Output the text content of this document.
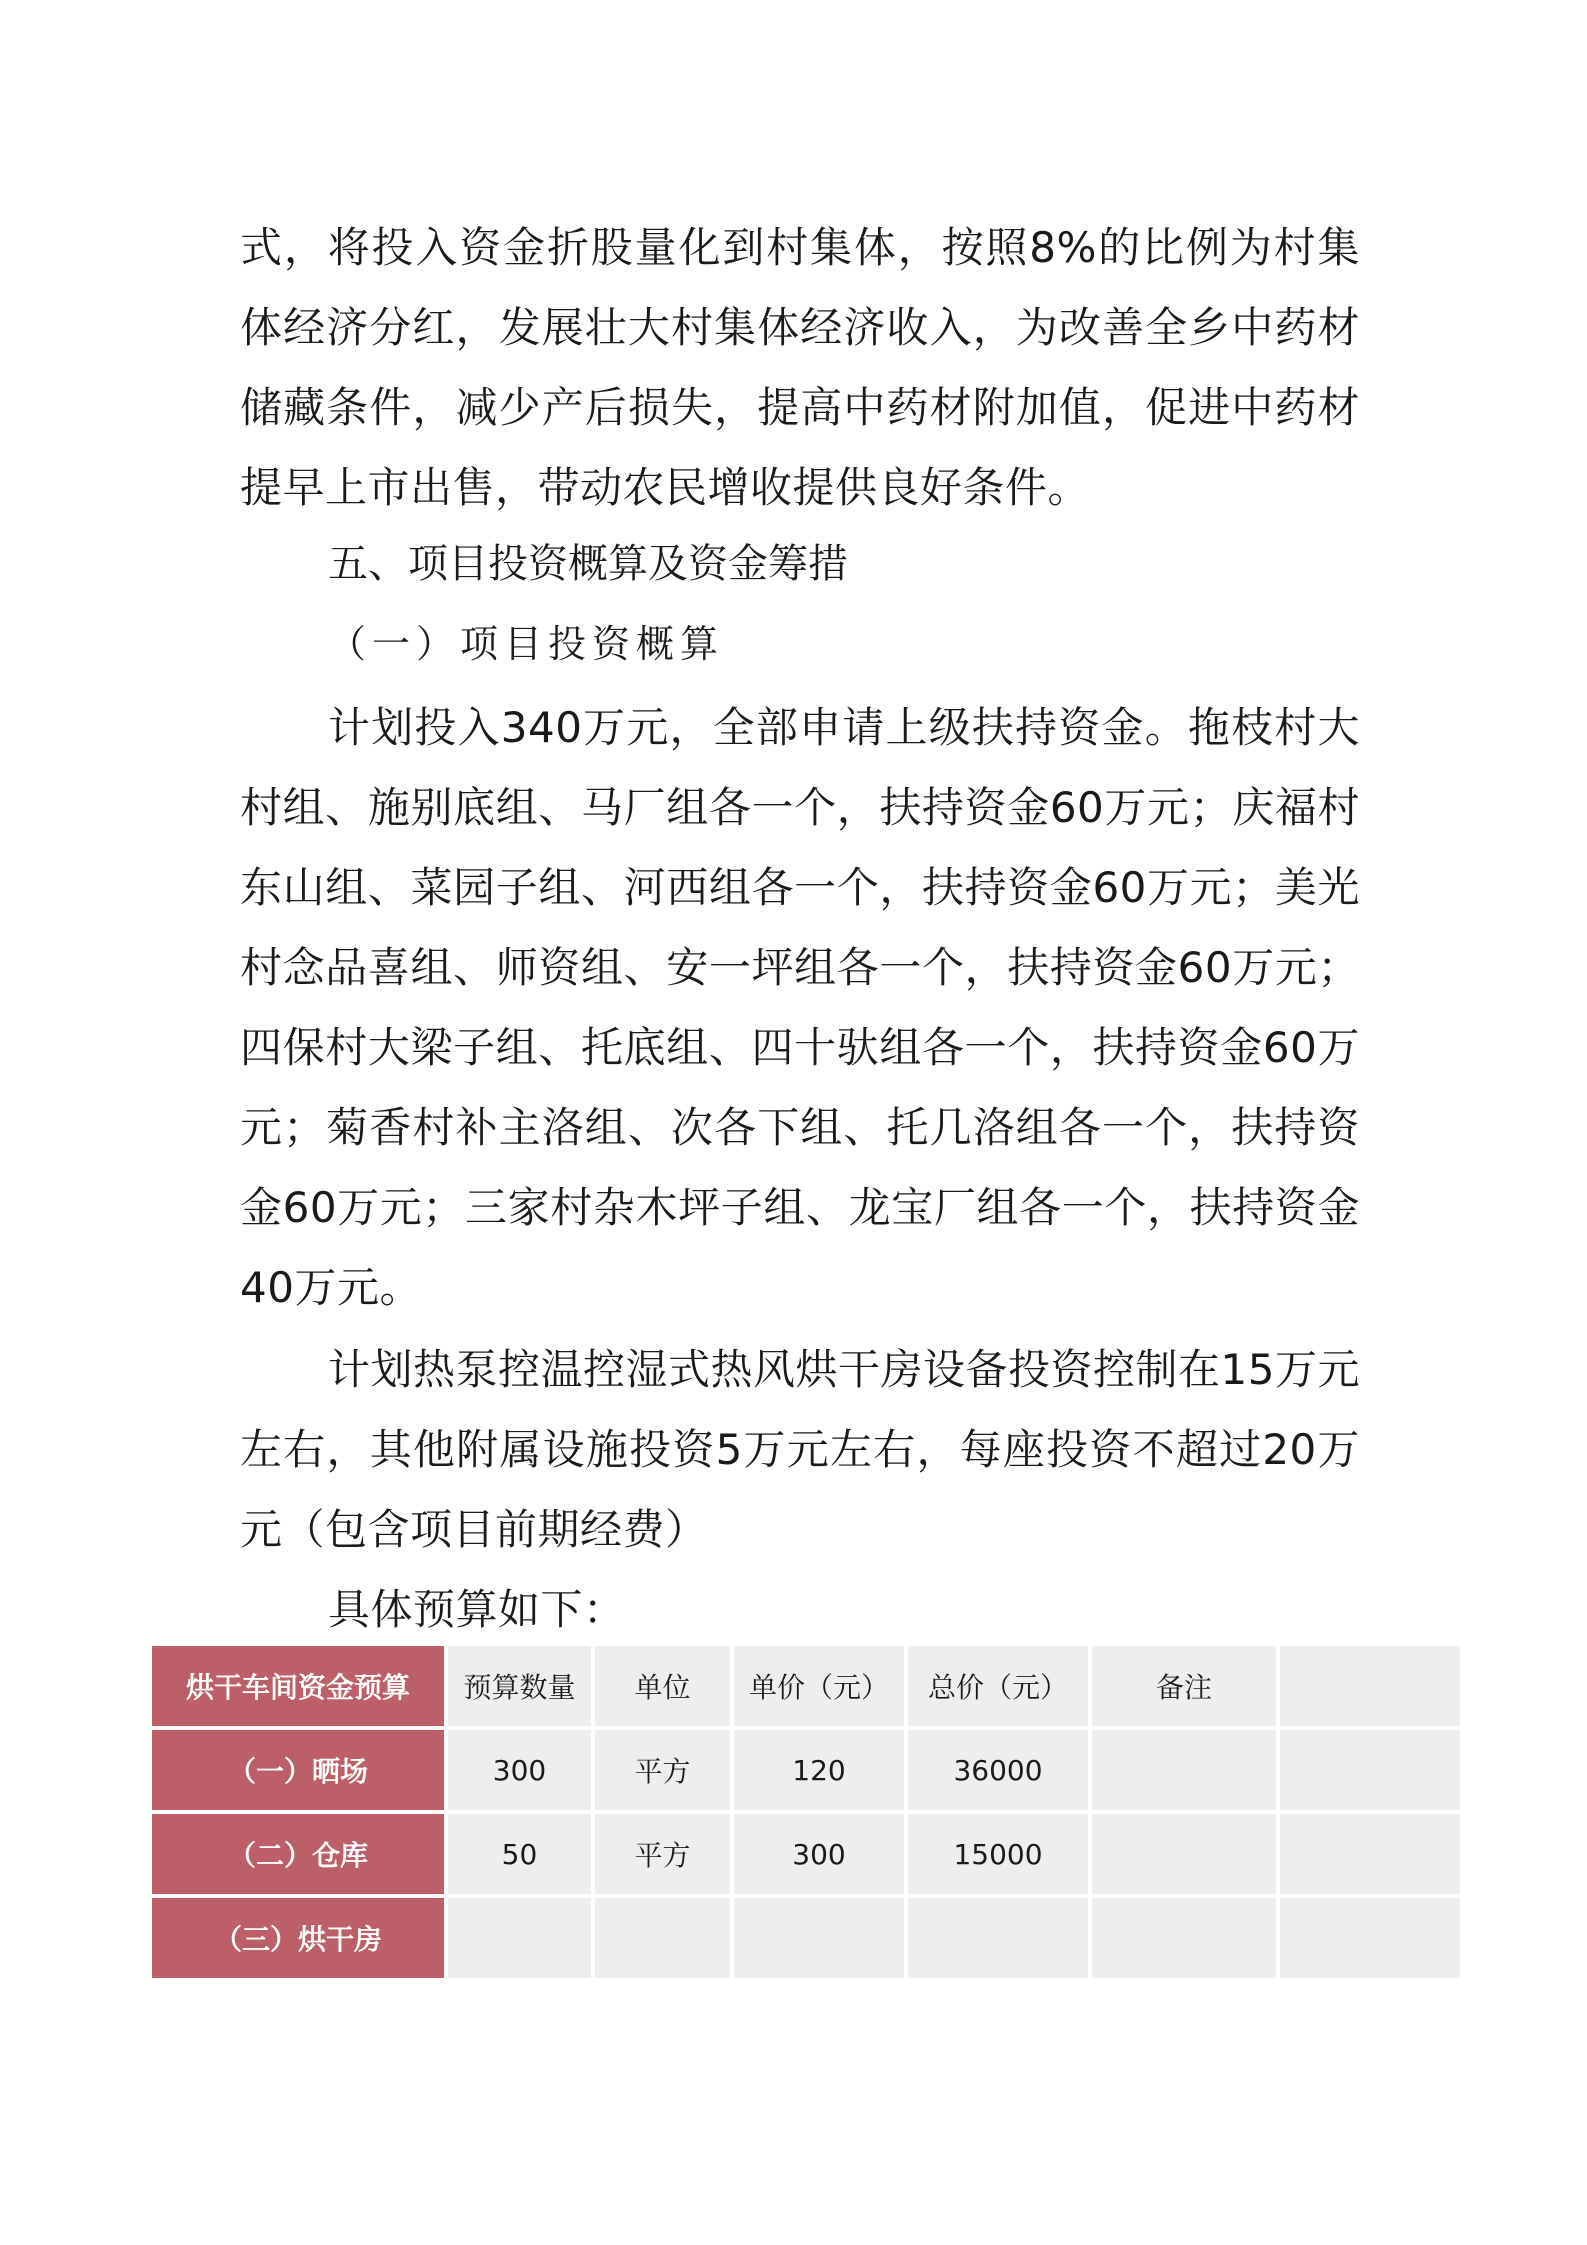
式，将投入资金折股量化到村集体，按照8%的比例为村集体经济分红，发展壮大村集体经济收入，为改善全乡中药材储藏条件，减少产后损失，提高中药材附加值，促进中药材提早上市出售，带动农民增收提供良好条件。

五、项目投资概算及资金筹措

（一）项目投资概算

计划投入340万元，全部申请上级扶持资金。拖枝村大村组、施别底组、马厂组各一个，扶持资金60万元；庆福村东山组、菜园子组、河西组各一个，扶持资金60万元；美光村念品喜组、师资组、安一坪组各一个，扶持资金60万元；四保村大梁子组、托底组、四十驮组各一个，扶持资金60万元；菊香村补主洛组、次各下组、托几洛组各一个，扶持资金60万元；三家村杂木坪子组、龙宝厂组各一个，扶持资金40万元。

计划热泵控温控湿式热风烘干房设备投资控制在15万元左右，其他附属设施投资5万元左右，每座投资不超过20万元（包含项目前期经费）

具体预算如下：

烘干车间资金预算	预算数量	单位	单价（元）	总价（元）	备注	
（一）晒场	300	平方	120	36000		
（二）仓库	50	平方	300	15000		
（三）烘干房						
